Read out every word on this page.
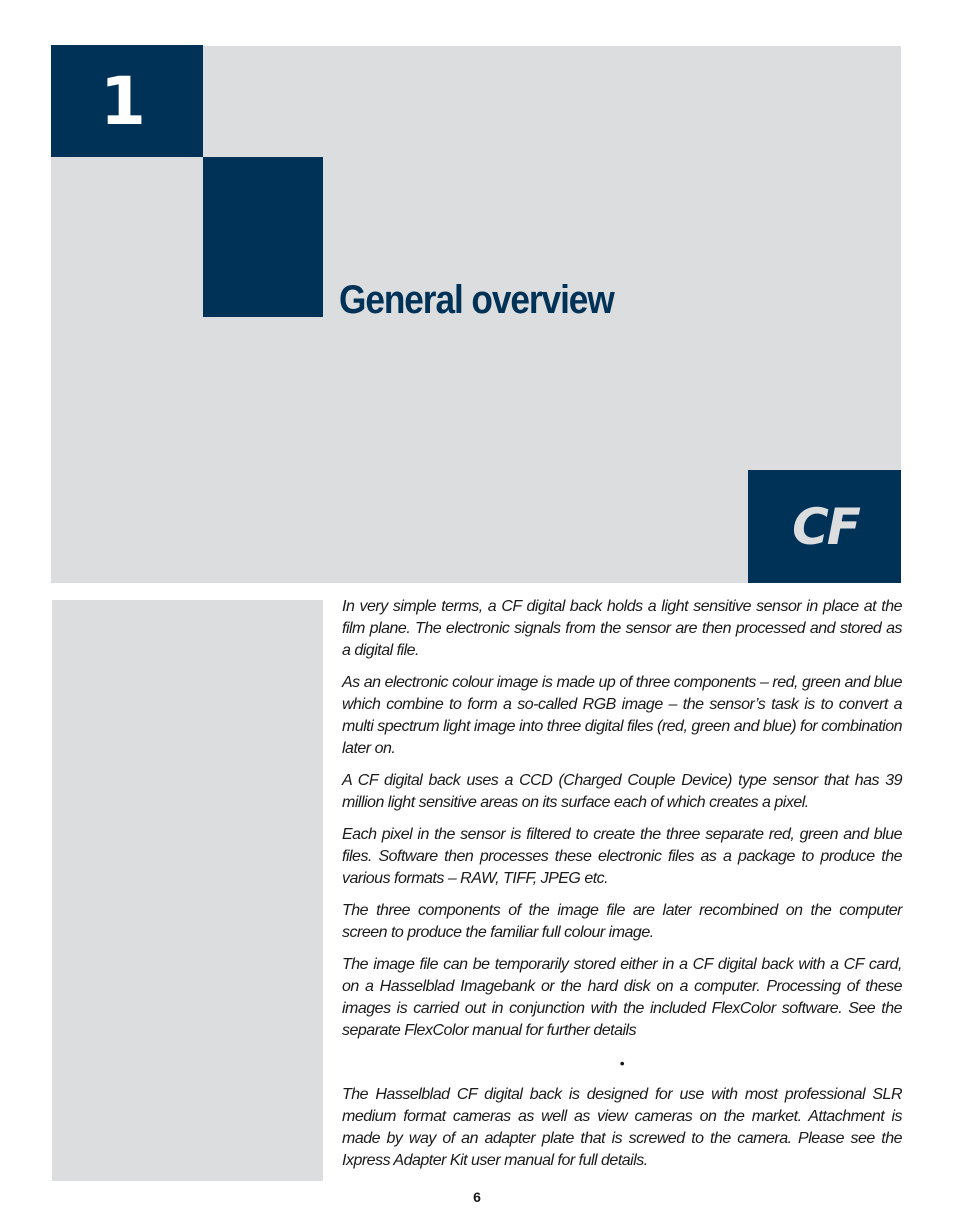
1
General overview
CF

In very simple terms, a CF digital back holds a light sensitive sensor in place at the film plane. The electronic signals from the sensor are then processed and stored as a digital file.

As an electronic colour image is made up of three components – red, green and blue which combine to form a so-called RGB image – the sensor’s task is to convert a multi spectrum light image into three digital files (red, green and blue) for combination later on.

A CF digital back uses a CCD (Charged Couple Device) type sensor that has 39 million light sensitive areas on its surface each of which creates a pixel.

Each pixel in the sensor is filtered to create the three separate red, green and blue files. Software then processes these electronic files as a package to produce the various formats – RAW, TIFF, JPEG etc.

The three components of the image file are later recombined on the computer screen to produce the familiar full colour image.

The image file can be temporarily stored either in a CF digital back with a CF card, on a Hasselblad Imagebank or the hard disk on a computer. Processing of these images is carried out in conjunction with the included FlexColor software. See the separate FlexColor manual for further details

•

The Hasselblad CF digital back is designed for use with most professional SLR medium format cameras as well as view cameras on the market. Attachment is made by way of an adapter plate that is screwed to the camera. Please see the Ixpress Adapter Kit user manual for full details.

6
